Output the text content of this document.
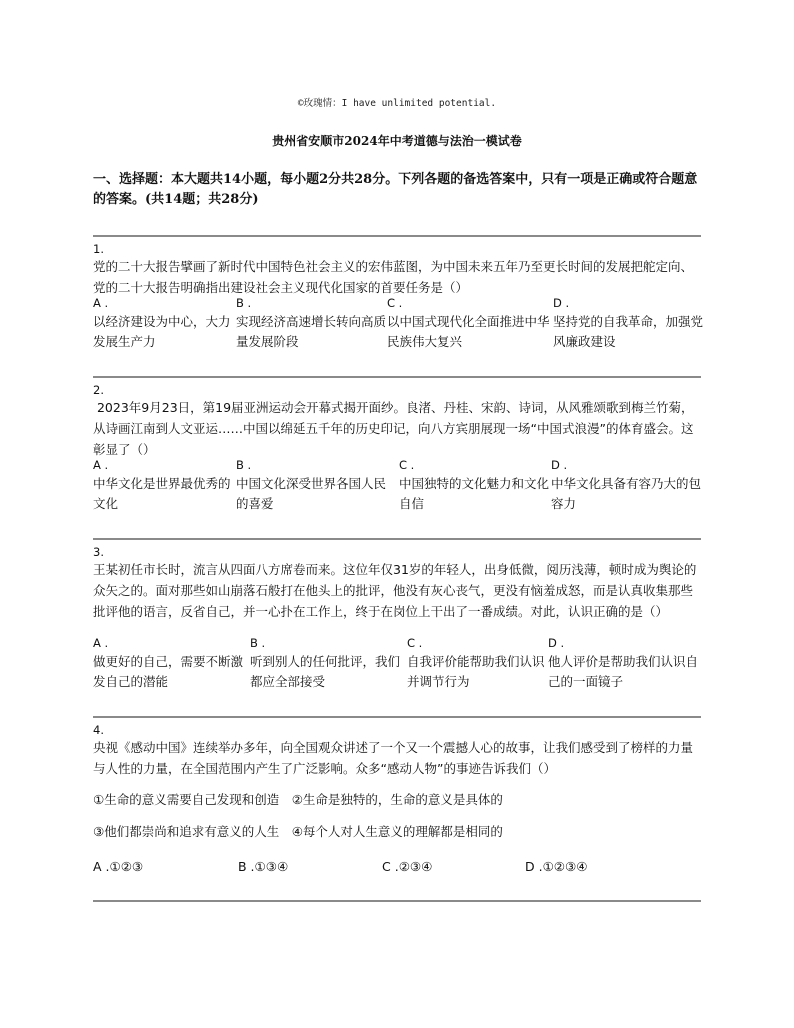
©玫瑰情：I have unlimited potential.
贵州省安顺市2024年中考道德与法治一模试卷
一、选择题：本大题共14小题，每小题2分共28分。下列各题的备选答案中，只有一项是正确或符合题意的答案。(共14题；共28分)
1.
党的二十大报告擘画了新时代中国特色社会主义的宏伟蓝图，为中国未来五年乃至更长时间的发展把舵定向、党的二十大报告明确指出建设社会主义现代化国家的首要任务是（）
A .
以经济建设为中心，大力发展生产力
B .
实现经济高速增长转向高质量发展阶段
C .
以中国式现代化全面推进中华民族伟大复兴
D .
坚持党的自我革命，加强党风廉政建设
2.
2023年9月23日，第19届亚洲运动会开幕式揭开面纱。良渚、丹桂、宋韵、诗词，从风雅颂歌到梅兰竹菊，从诗画江南到人文亚运……中国以绵延五千年的历史印记，向八方宾朋展现一场“中国式浪漫”的体育盛会。这彰显了（）
A .
中华文化是世界最优秀的文化
B .
中国文化深受世界各国人民的喜爱
C .
中国独特的文化魅力和文化自信
D .
中华文化具备有容乃大的包容力
3.
王某初任市长时，流言从四面八方席卷而来。这位年仅31岁的年轻人，出身低微，阅历浅薄，顿时成为舆论的众矢之的。面对那些如山崩落石般打在他头上的批评，他没有灰心丧气，更没有恼羞成怒，而是认真收集那些批评他的语言，反省自己，并一心扑在工作上，终于在岗位上干出了一番成绩。对此，认识正确的是（）
A .
做更好的自己，需要不断激发自己的潜能
B .
听到别人的任何批评，我们都应全部接受
C .
自我评价能帮助我们认识并调节行为
D .
他人评价是帮助我们认识自己的一面镜子
4.
央视《感动中国》连续举办多年，向全国观众讲述了一个又一个震撼人心的故事，让我们感受到了榜样的力量与人性的力量，在全国范围内产生了广泛影响。众多“感动人物”的事迹告诉我们（）
①生命的意义需要自己发现和创造　②生命是独特的，生命的意义是具体的
③他们都崇尚和追求有意义的人生　④每个人对人生意义的理解都是相同的
A .①②③	B .①③④	C .②③④	D .①②③④
